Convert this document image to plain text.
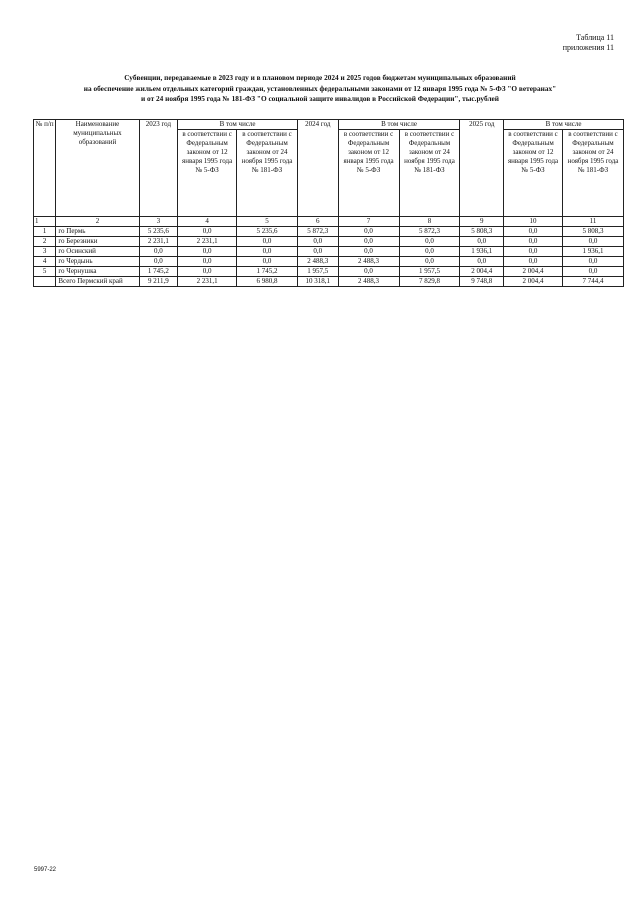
Таблица 11
приложения 11
Субвенции, передаваемые в 2023 году и в плановом периоде 2024 и 2025 годов бюджетам муниципальных образований
на обеспечение жильем отдельных категорий граждан, установленных федеральными законами от 12 января 1995 года № 5-ФЗ "О ветеранах"
и от 24 ноября 1995 года № 181-ФЗ "О социальной защите инвалидов в Российской Федерации", тыс.рублей
№ п/п	Наименование муниципальных образований	2023 год	В том числе		2024 год	В том числе		2025 год	В том числе	
			в соответствии с Федеральным законом от 12 января 1995 года № 5-ФЗ	в соответствии с Федеральным законом от 24 ноября 1995 года № 181-ФЗ		в соответствии с Федеральным законом от 12 января 1995 года № 5-ФЗ	в соответствии с Федеральным законом от 24 ноября 1995 года № 181-ФЗ		в соответствии с Федеральным законом от 12 января 1995 года № 5-ФЗ	в соответствии с Федеральным законом от 24 ноября 1995 года № 181-ФЗ
1	2	3	4	5	6	7	8	9	10	11
1	го Пермь	5 235,6	0,0	5 235,6	5 872,3	0,0	5 872,3	5 808,3	0,0	5 808,3
2	го Березники	2 231,1	2 231,1	0,0	0,0	0,0	0,0	0,0	0,0	0,0
3	го Осинский	0,0	0,0	0,0	0,0	0,0	0,0	1 936,1	0,0	1 936,1
4	го Чердынь	0,0	0,0	0,0	2 488,3	2 488,3	0,0	0,0	0,0	0,0
5	го Чернушка	1 745,2	0,0	1 745,2	1 957,5	0,0	1 957,5	2 004,4	2 004,4	0,0
	Всего Пермский край	9 211,9	2 231,1	6 980,8	10 318,1	2 488,3	7 829,8	9 748,8	2 004,4	7 744,4
5997-22
